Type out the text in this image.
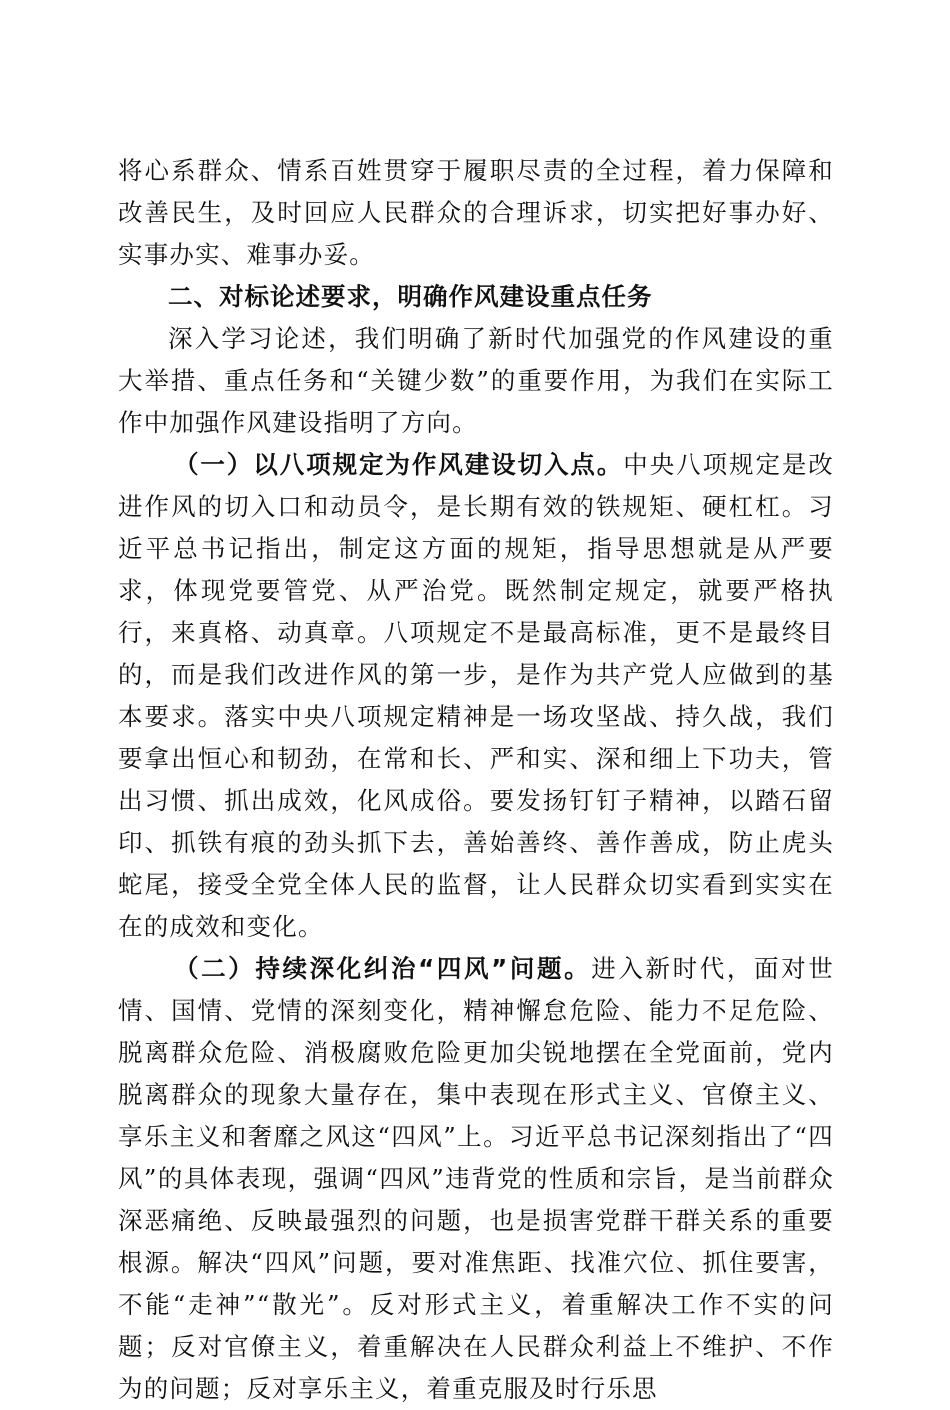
将心系群众、情系百姓贯穿于履职尽责的全过程，着力保障和改善民生，及时回应人民群众的合理诉求，切实把好事办好、实事办实、难事办妥。

二、对标论述要求，明确作风建设重点任务

深入学习论述，我们明确了新时代加强党的作风建设的重大举措、重点任务和“关键少数”的重要作用，为我们在实际工作中加强作风建设指明了方向。

（一）以八项规定为作风建设切入点。中央八项规定是改进作风的切入口和动员令，是长期有效的铁规矩、硬杠杠。习近平总书记指出，制定这方面的规矩，指导思想就是从严要求，体现党要管党、从严治党。既然制定规定，就要严格执行，来真格、动真章。八项规定不是最高标准，更不是最终目的，而是我们改进作风的第一步，是作为共产党人应做到的基本要求。落实中央八项规定精神是一场攻坚战、持久战，我们要拿出恒心和韧劲，在常和长、严和实、深和细上下功夫，管出习惯、抓出成效，化风成俗。要发扬钉钉子精神，以踏石留印、抓铁有痕的劲头抓下去，善始善终、善作善成，防止虎头蛇尾，接受全党全体人民的监督，让人民群众切实看到实实在在的成效和变化。

（二）持续深化纠治“四风”问题。进入新时代，面对世情、国情、党情的深刻变化，精神懈怠危险、能力不足危险、脱离群众危险、消极腐败危险更加尖锐地摆在全党面前，党内脱离群众的现象大量存在，集中表现在形式主义、官僚主义、享乐主义和奢靡之风这“四风”上。习近平总书记深刻指出了“四风”的具体表现，强调“四风”违背党的性质和宗旨，是当前群众深恶痛绝、反映最强烈的问题，也是损害党群干群关系的重要根源。解决“四风”问题，要对准焦距、找准穴位、抓住要害，不能“走神”“散光”。反对形式主义，着重解决工作不实的问题；反对官僚主义，着重解决在人民群众利益上不维护、不作为的问题；反对享乐主义，着重克服及时行乐思
